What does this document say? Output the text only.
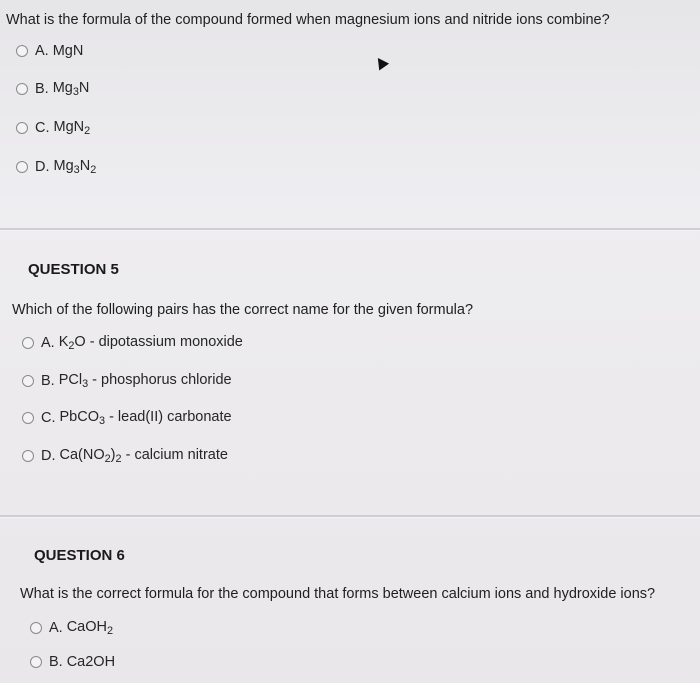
What is the formula of the compound formed when magnesium ions and nitride ions combine?
A. MgN
B. $Mg_3N$
C. MgN$_2$
D. $Mg_3N_2$
QUESTION 5
Which of the following pairs has the correct name for the given formula?
A. $K_2O$ - dipotassium monoxide
B. PCl$_3$ - phosphorus chloride
C. PbCO$_3$ - lead(II) carbonate
D. $Ca(NO_2)_2$ - calcium nitrate
QUESTION 6
What is the correct formula for the compound that forms between calcium ions and hydroxide ions?
A. CaOH$_2$
B. Ca2OH
